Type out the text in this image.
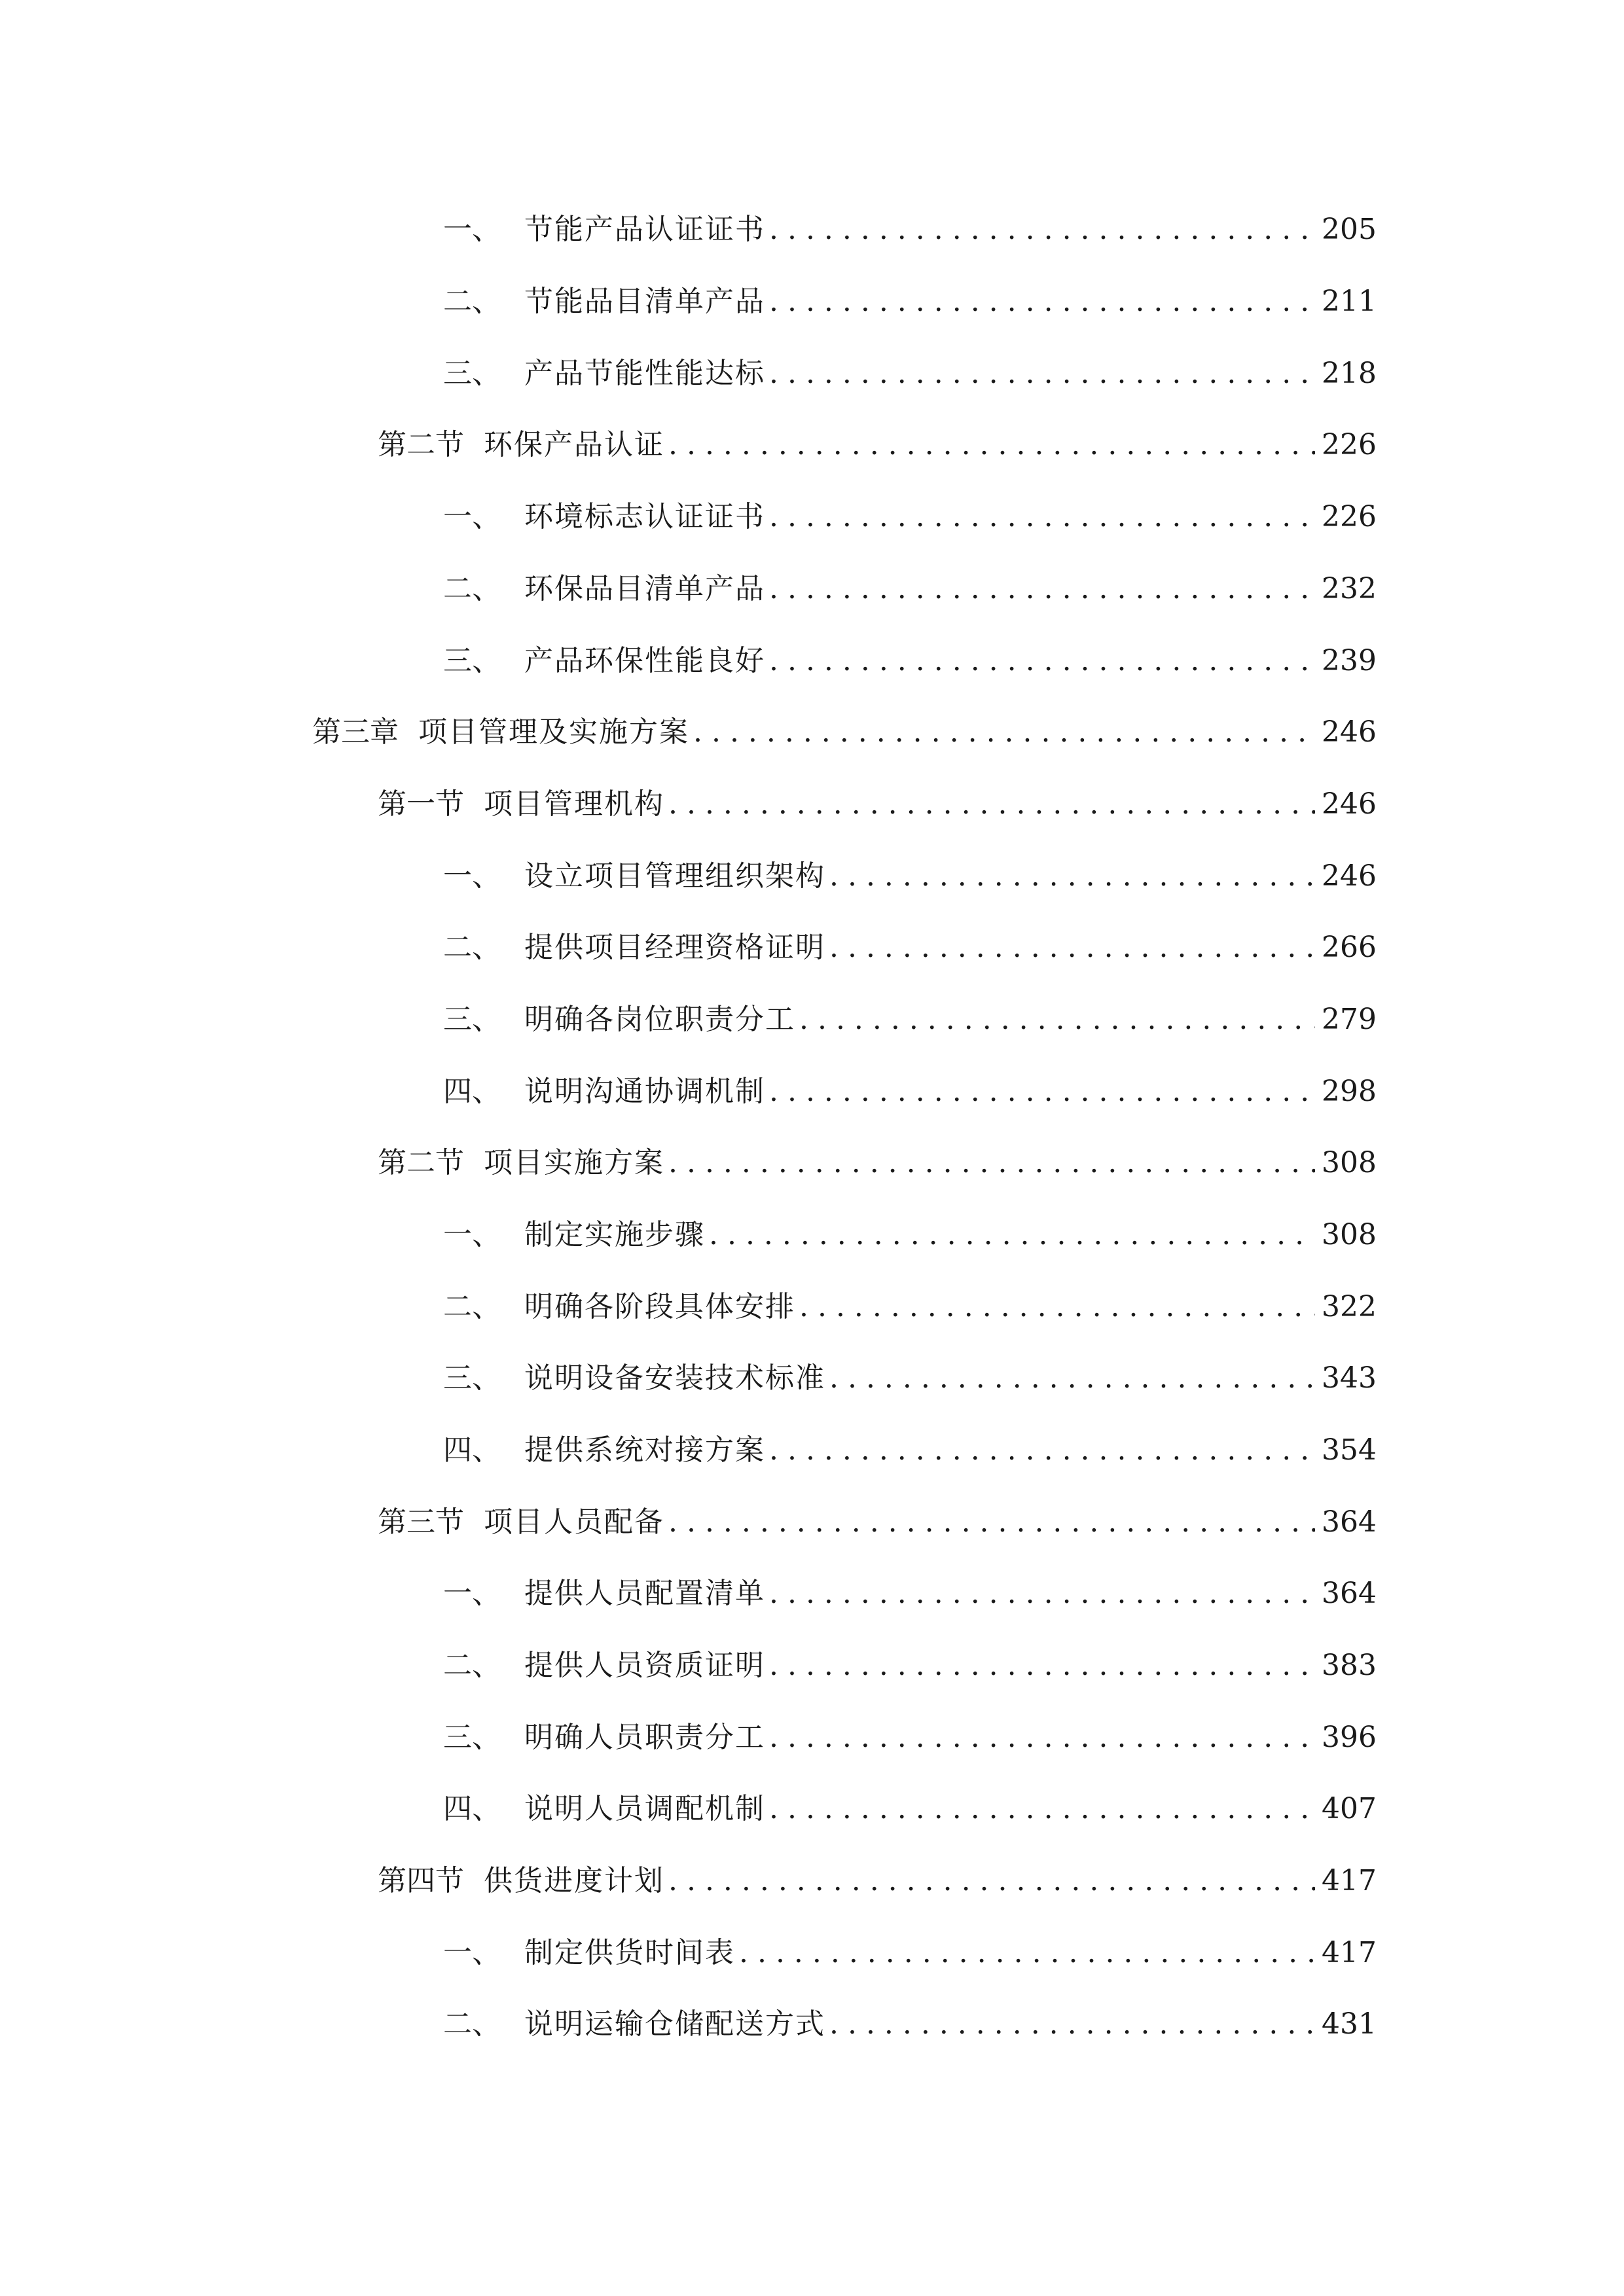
一、 节能产品认证证书 . . .	205
二、 节能品目清单产品 . . .	211
三、 产品节能性能达标 . . .	218
第二节 环保产品认证 . . .	226
一、 环境标志认证证书 . . .	226
二、 环保品目清单产品 . . .	232
三、 产品环保性能良好 . . .	239
第三章 项目管理及实施方案 . . .	246
第一节 项目管理机构 . . .	246
一、 设立项目管理组织架构 . . .	246
二、 提供项目经理资格证明 . . .	266
三、 明确各岗位职责分工 . . .	279
四、 说明沟通协调机制 . . .	298
第二节 项目实施方案 . . .	308
一、 制定实施步骤 . . .	308
二、 明确各阶段具体安排 . . .	322
三、 说明设备安装技术标准 . . .	343
四、 提供系统对接方案 . . .	354
第三节 项目人员配备 . . .	364
一、 提供人员配置清单 . . .	364
二、 提供人员资质证明 . . .	383
三、 明确人员职责分工 . . .	396
四、 说明人员调配机制 . . .	407
第四节 供货进度计划 . . .	417
一、 制定供货时间表 . . .	417
二、 说明运输仓储配送方式 . . .	431
